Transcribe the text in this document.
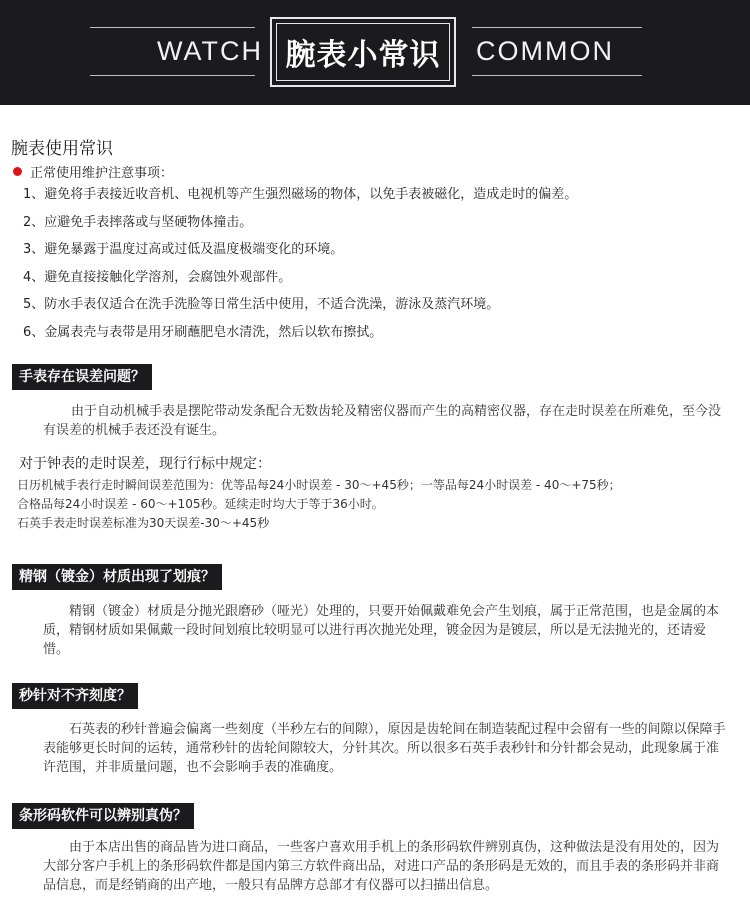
WATCH 腕表小常识	COMMON
腕表使用常识
正常使用维护注意事项：
1、避免将手表接近收音机、电视机等产生强烈磁场的物体，以免手表被磁化，造成走时的偏差。
2、应避免手表摔落或与坚硬物体撞击。
3、避免暴露于温度过高或过低及温度极端变化的环境。
4、避免直接接触化学溶剂，会腐蚀外观部件。
5、防水手表仅适合在洗手洗脸等日常生活中使用，不适合洗澡，游泳及蒸汽环境。
6、金属表壳与表带是用牙刷蘸肥皂水清洗，然后以软布擦拭。
手表存在误差问题？
由于自动机械手表是摆陀带动发条配合无数齿轮及精密仪器而产生的高精密仪器，存在走时误差在所难免，至今没有误差的机械手表还没有诞生。
对于钟表的走时误差，现行行标中规定：
日历机械手表行走时瞬间误差范围为：优等品每24小时误差 - 30～+45秒；一等品每24小时误差 - 40～+75秒；
合格品每24小时误差 - 60～+105秒。延续走时均大于等于36小时。
石英手表走时误差标准为30天误差-30～+45秒
精钢（镀金）材质出现了划痕？
精钢（镀金）材质是分抛光跟磨砂（哑光）处理的，只要开始佩戴难免会产生划痕，属于正常范围，也是金属的本质，精钢材质如果佩戴一段时间划痕比较明显可以进行再次抛光处理，镀金因为是镀层，所以是无法抛光的，还请爱惜。
秒针对不齐刻度？
石英表的秒针普遍会偏离一些刻度（半秒左右的间隙），原因是齿轮间在制造装配过程中会留有一些的间隙以保障手表能够更长时间的运转，通常秒针的齿轮间隙较大，分针其次。所以很多石英手表秒针和分针都会晃动，此现象属于准许范围，并非质量问题，也不会影响手表的准确度。
条形码软件可以辨别真伪？
由于本店出售的商品皆为进口商品，一些客户喜欢用手机上的条形码软件辨别真伪，这种做法是没有用处的，因为大部分客户手机上的条形码软件都是国内第三方软件商出品，对进口产品的条形码是无效的，而且手表的条形码并非商品信息，而是经销商的出产地，一般只有品牌方总部才有仪器可以扫描出信息。
